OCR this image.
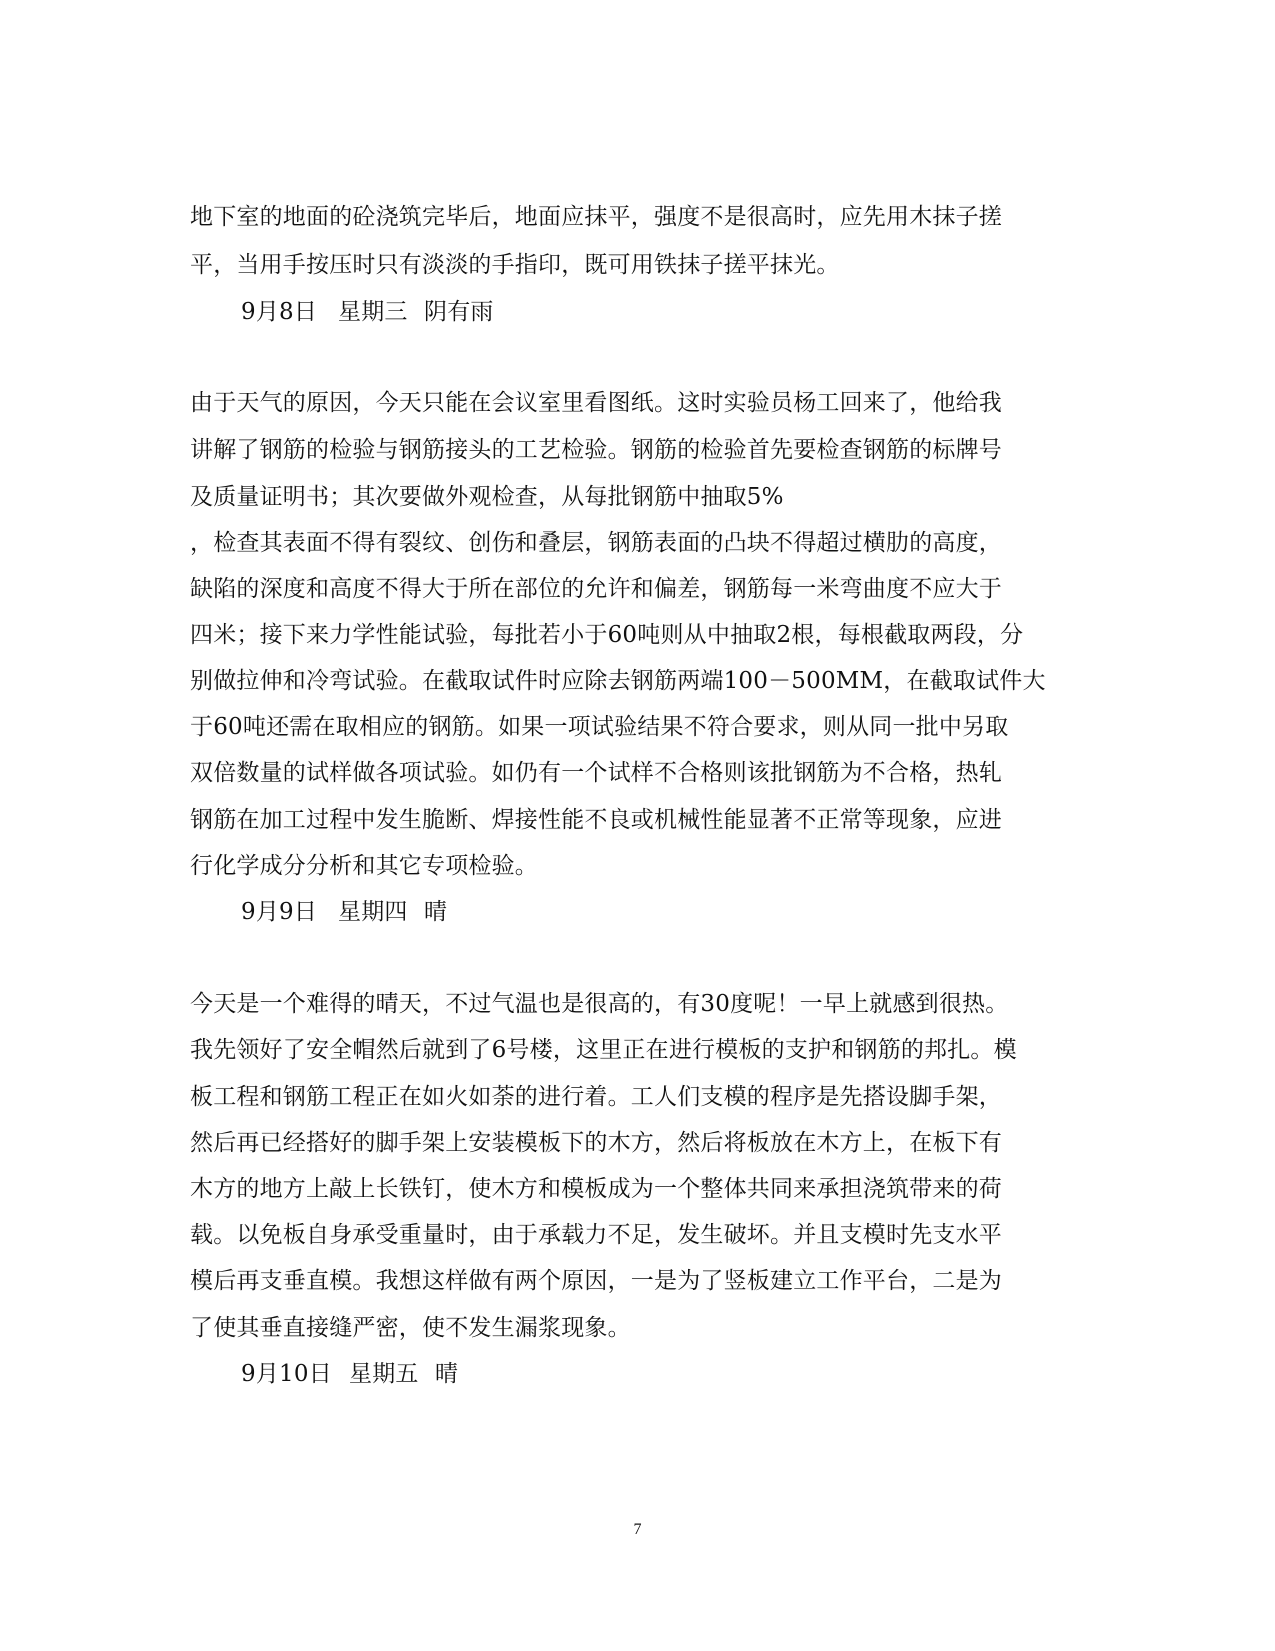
地下室的地面的砼浇筑完毕后，地面应抹平，强度不是很高时，应先用木抹子搓
平，当用手按压时只有淡淡的手指印，既可用铁抹子搓平抹光。
9月8日 星期三 阴有雨
由于天气的原因，今天只能在会议室里看图纸。这时实验员杨工回来了，他给我
讲解了钢筋的检验与钢筋接头的工艺检验。钢筋的检验首先要检查钢筋的标牌号
及质量证明书；其次要做外观检查，从每批钢筋中抽取5%
，检查其表面不得有裂纹、创伤和叠层，钢筋表面的凸块不得超过横肋的高度，
缺陷的深度和高度不得大于所在部位的允许和偏差，钢筋每一米弯曲度不应大于
四米；接下来力学性能试验，每批若小于60吨则从中抽取2根，每根截取两段，分
别做拉伸和冷弯试验。在截取试件时应除去钢筋两端100－500MM，在截取试件大
于60吨还需在取相应的钢筋。如果一项试验结果不符合要求，则从同一批中另取
双倍数量的试样做各项试验。如仍有一个试样不合格则该批钢筋为不合格，热轧
钢筋在加工过程中发生脆断、焊接性能不良或机械性能显著不正常等现象，应进
行化学成分分析和其它专项检验。
9月9日 星期四 晴
今天是一个难得的晴天，不过气温也是很高的，有30度呢！一早上就感到很热。
我先领好了安全帽然后就到了6号楼，这里正在进行模板的支护和钢筋的邦扎。模
板工程和钢筋工程正在如火如荼的进行着。工人们支模的程序是先搭设脚手架，
然后再已经搭好的脚手架上安装模板下的木方，然后将板放在木方上，在板下有
木方的地方上敲上长铁钉，使木方和模板成为一个整体共同来承担浇筑带来的荷
载。以免板自身承受重量时，由于承载力不足，发生破坏。并且支模时先支水平
模后再支垂直模。我想这样做有两个原因，一是为了竖板建立工作平台，二是为
了使其垂直接缝严密，使不发生漏浆现象。
9月10日 星期五 晴
7
